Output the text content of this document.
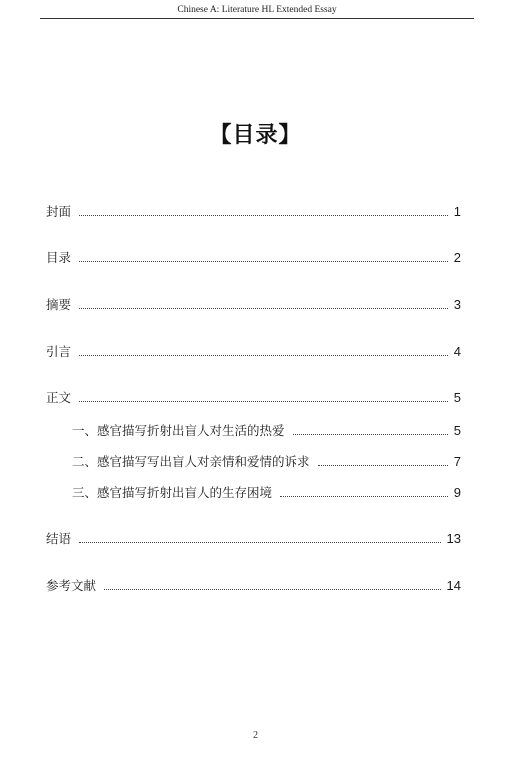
Chinese A: Literature HL Extended Essay
【目录】
封面	1
目录	2
摘要	3
引言	4
正文	5
一、感官描写折射出盲人对生活的热爱	5
二、感官描写写出盲人对亲情和爱情的诉求	7
三、感官描写折射出盲人的生存困境	9
结语	13
参考文献	14
2
